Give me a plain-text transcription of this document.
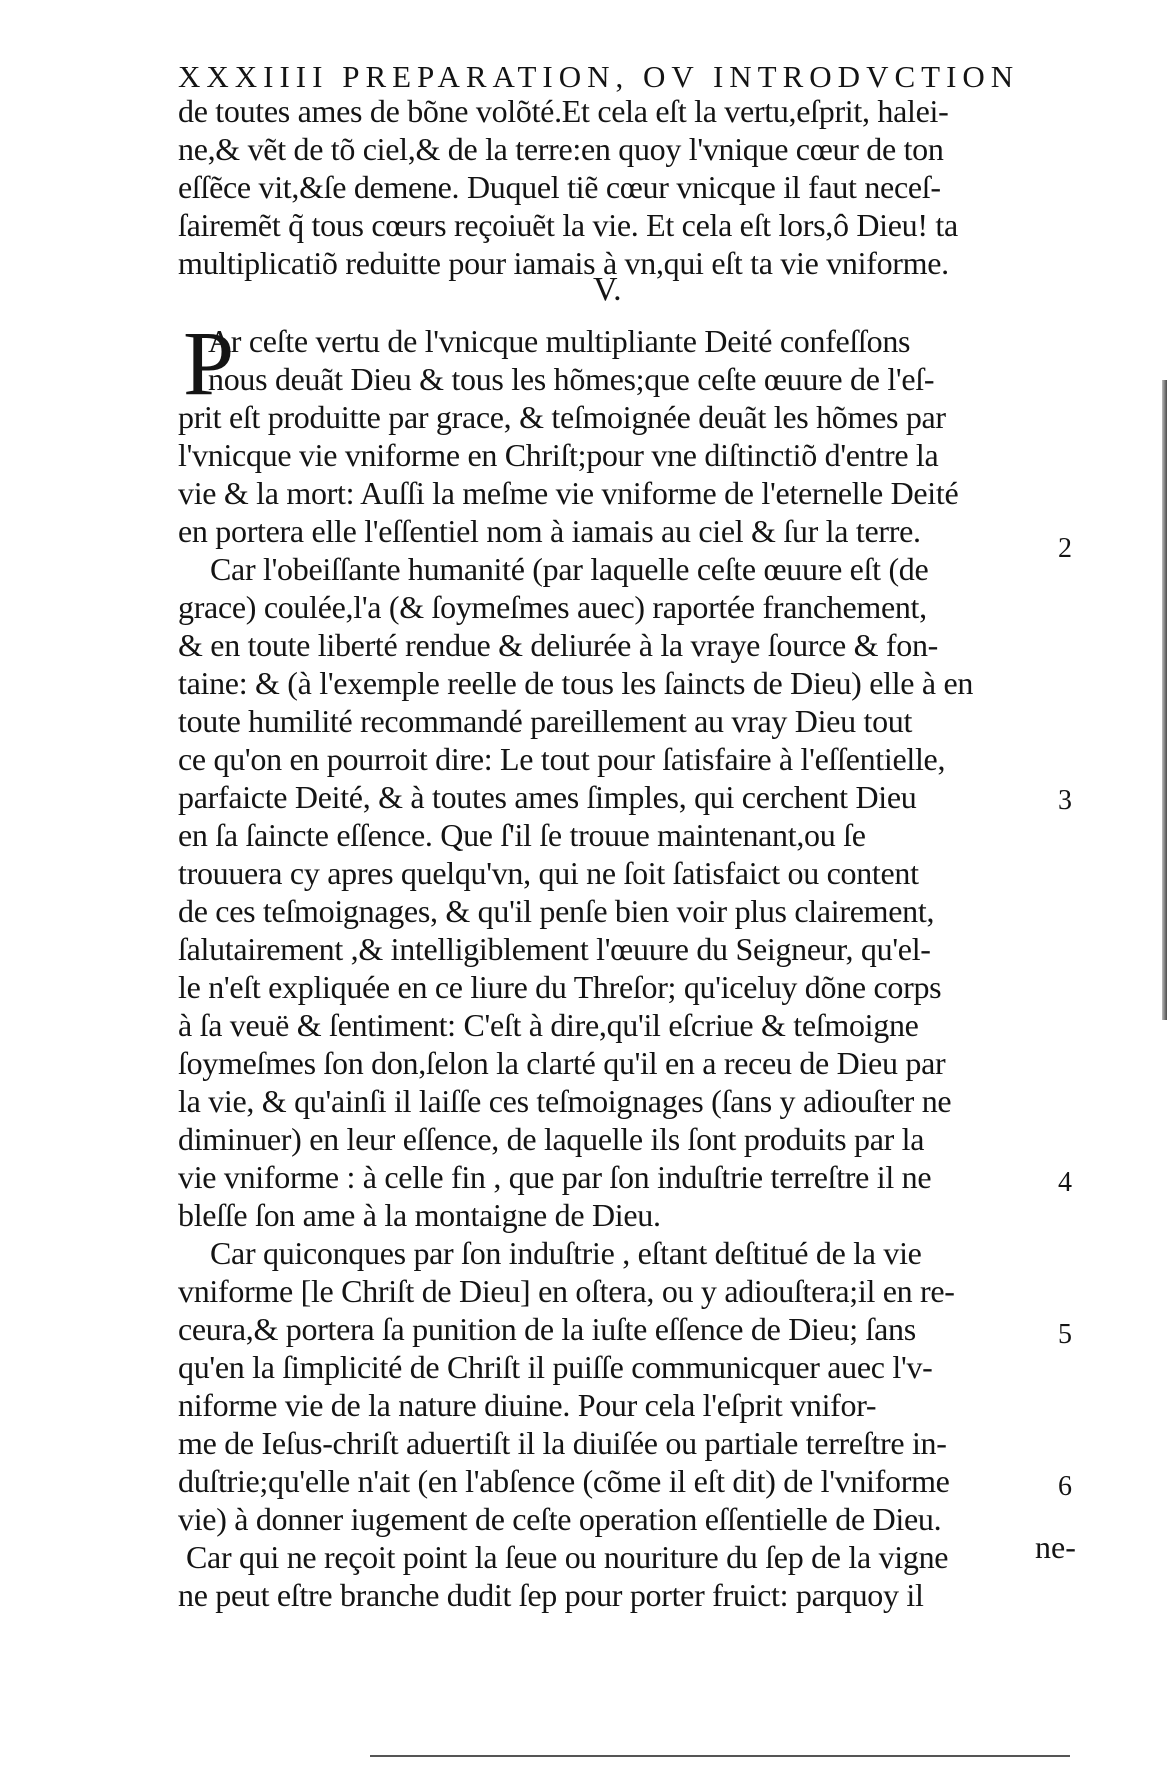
XXXIIII PREPARATION, OV INTRODVCTION
V.
P
de toutes ames de bõne volõté.Et cela eſt la vertu,eſprit, halei-
ne,& vẽt de tõ ciel,& de la terre:en quoy l'vnique cœur de ton
eſſẽce vit,&ſe demene. Duquel tiẽ cœur vnicque il faut neceſ-
ſairemẽt q̃ tous cœurs reçoiuẽt la vie. Et cela eſt lors,ô Dieu! ta
multiplicatiõ reduitte pour iamais à vn,qui eſt ta vie vniforme.
Ar ceſte vertu de l'vnicque multipliante Deité confeſſons
nous deuãt Dieu & tous les hõmes;que ceſte œuure de l'eſ-
prit eſt produitte par grace, & teſmoignée deuãt les hõmes par
l'vnicque vie vniforme en Chriſt;pour vne diſtinctiõ d'entre la
vie & la mort: Auſſi la meſme vie vniforme de l'eternelle Deité
en portera elle l'eſſentiel nom à iamais au ciel & ſur la terre.
Car l'obeiſſante humanité (par laquelle ceſte œuure eſt (de
grace) coulée,l'a (& ſoymeſmes auec) raportée franchement,
& en toute liberté rendue & deliurée à la vraye ſource & fon-
taine: & (à l'exemple reelle de tous les ſaincts de Dieu) elle à en
toute humilité recommandé pareillement au vray Dieu tout
ce qu'on en pourroit dire: Le tout pour ſatisfaire à l'eſſentielle,
parfaicte Deité, & à toutes ames ſimples, qui cerchent Dieu
en ſa ſaincte eſſence. Que ſ'il ſe trouue maintenant,ou ſe
trouuera cy apres quelqu'vn, qui ne ſoit ſatisfaict ou content
de ces teſmoignages, & qu'il penſe bien voir plus clairement,
ſalutairement ,& intelligiblement l'œuure du Seigneur, qu'el-
le n'eſt expliquée en ce liure du Threſor; qu'iceluy dõne corps
à ſa veuë & ſentiment: C'eſt à dire,qu'il eſcriue & teſmoigne
ſoymeſmes ſon don,ſelon la clarté qu'il en a receu de Dieu par
la vie, & qu'ainſi il laiſſe ces teſmoignages (ſans y adiouſter ne
diminuer) en leur eſſence, de laquelle ils ſont produits par la
vie vniforme : à celle fin , que par ſon induſtrie terreſtre il ne
bleſſe ſon ame à la montaigne de Dieu.
Car quiconques par ſon induſtrie , eſtant deſtitué de la vie
vniforme [le Chriſt de Dieu] en oſtera, ou y adiouſtera;il en re-
ceura,& portera ſa punition de la iuſte eſſence de Dieu; ſans
qu'en la ſimplicité de Chriſt il puiſſe communicquer auec l'v-
niforme vie de la nature diuine. Pour cela l'eſprit vnifor-
me de Ieſus-chriſt aduertiſt il la diuiſée ou partiale terreſtre in-
duſtrie;qu'elle n'ait (en l'abſence (cõme il eſt dit) de l'vniforme
vie) à donner iugement de ceſte operation eſſentielle de Dieu.
Car qui ne reçoit point la ſeue ou nouriture du ſep de la vigne
ne peut eſtre branche dudit ſep pour porter fruict: parquoy il
ne-
2
3
4
5
6
